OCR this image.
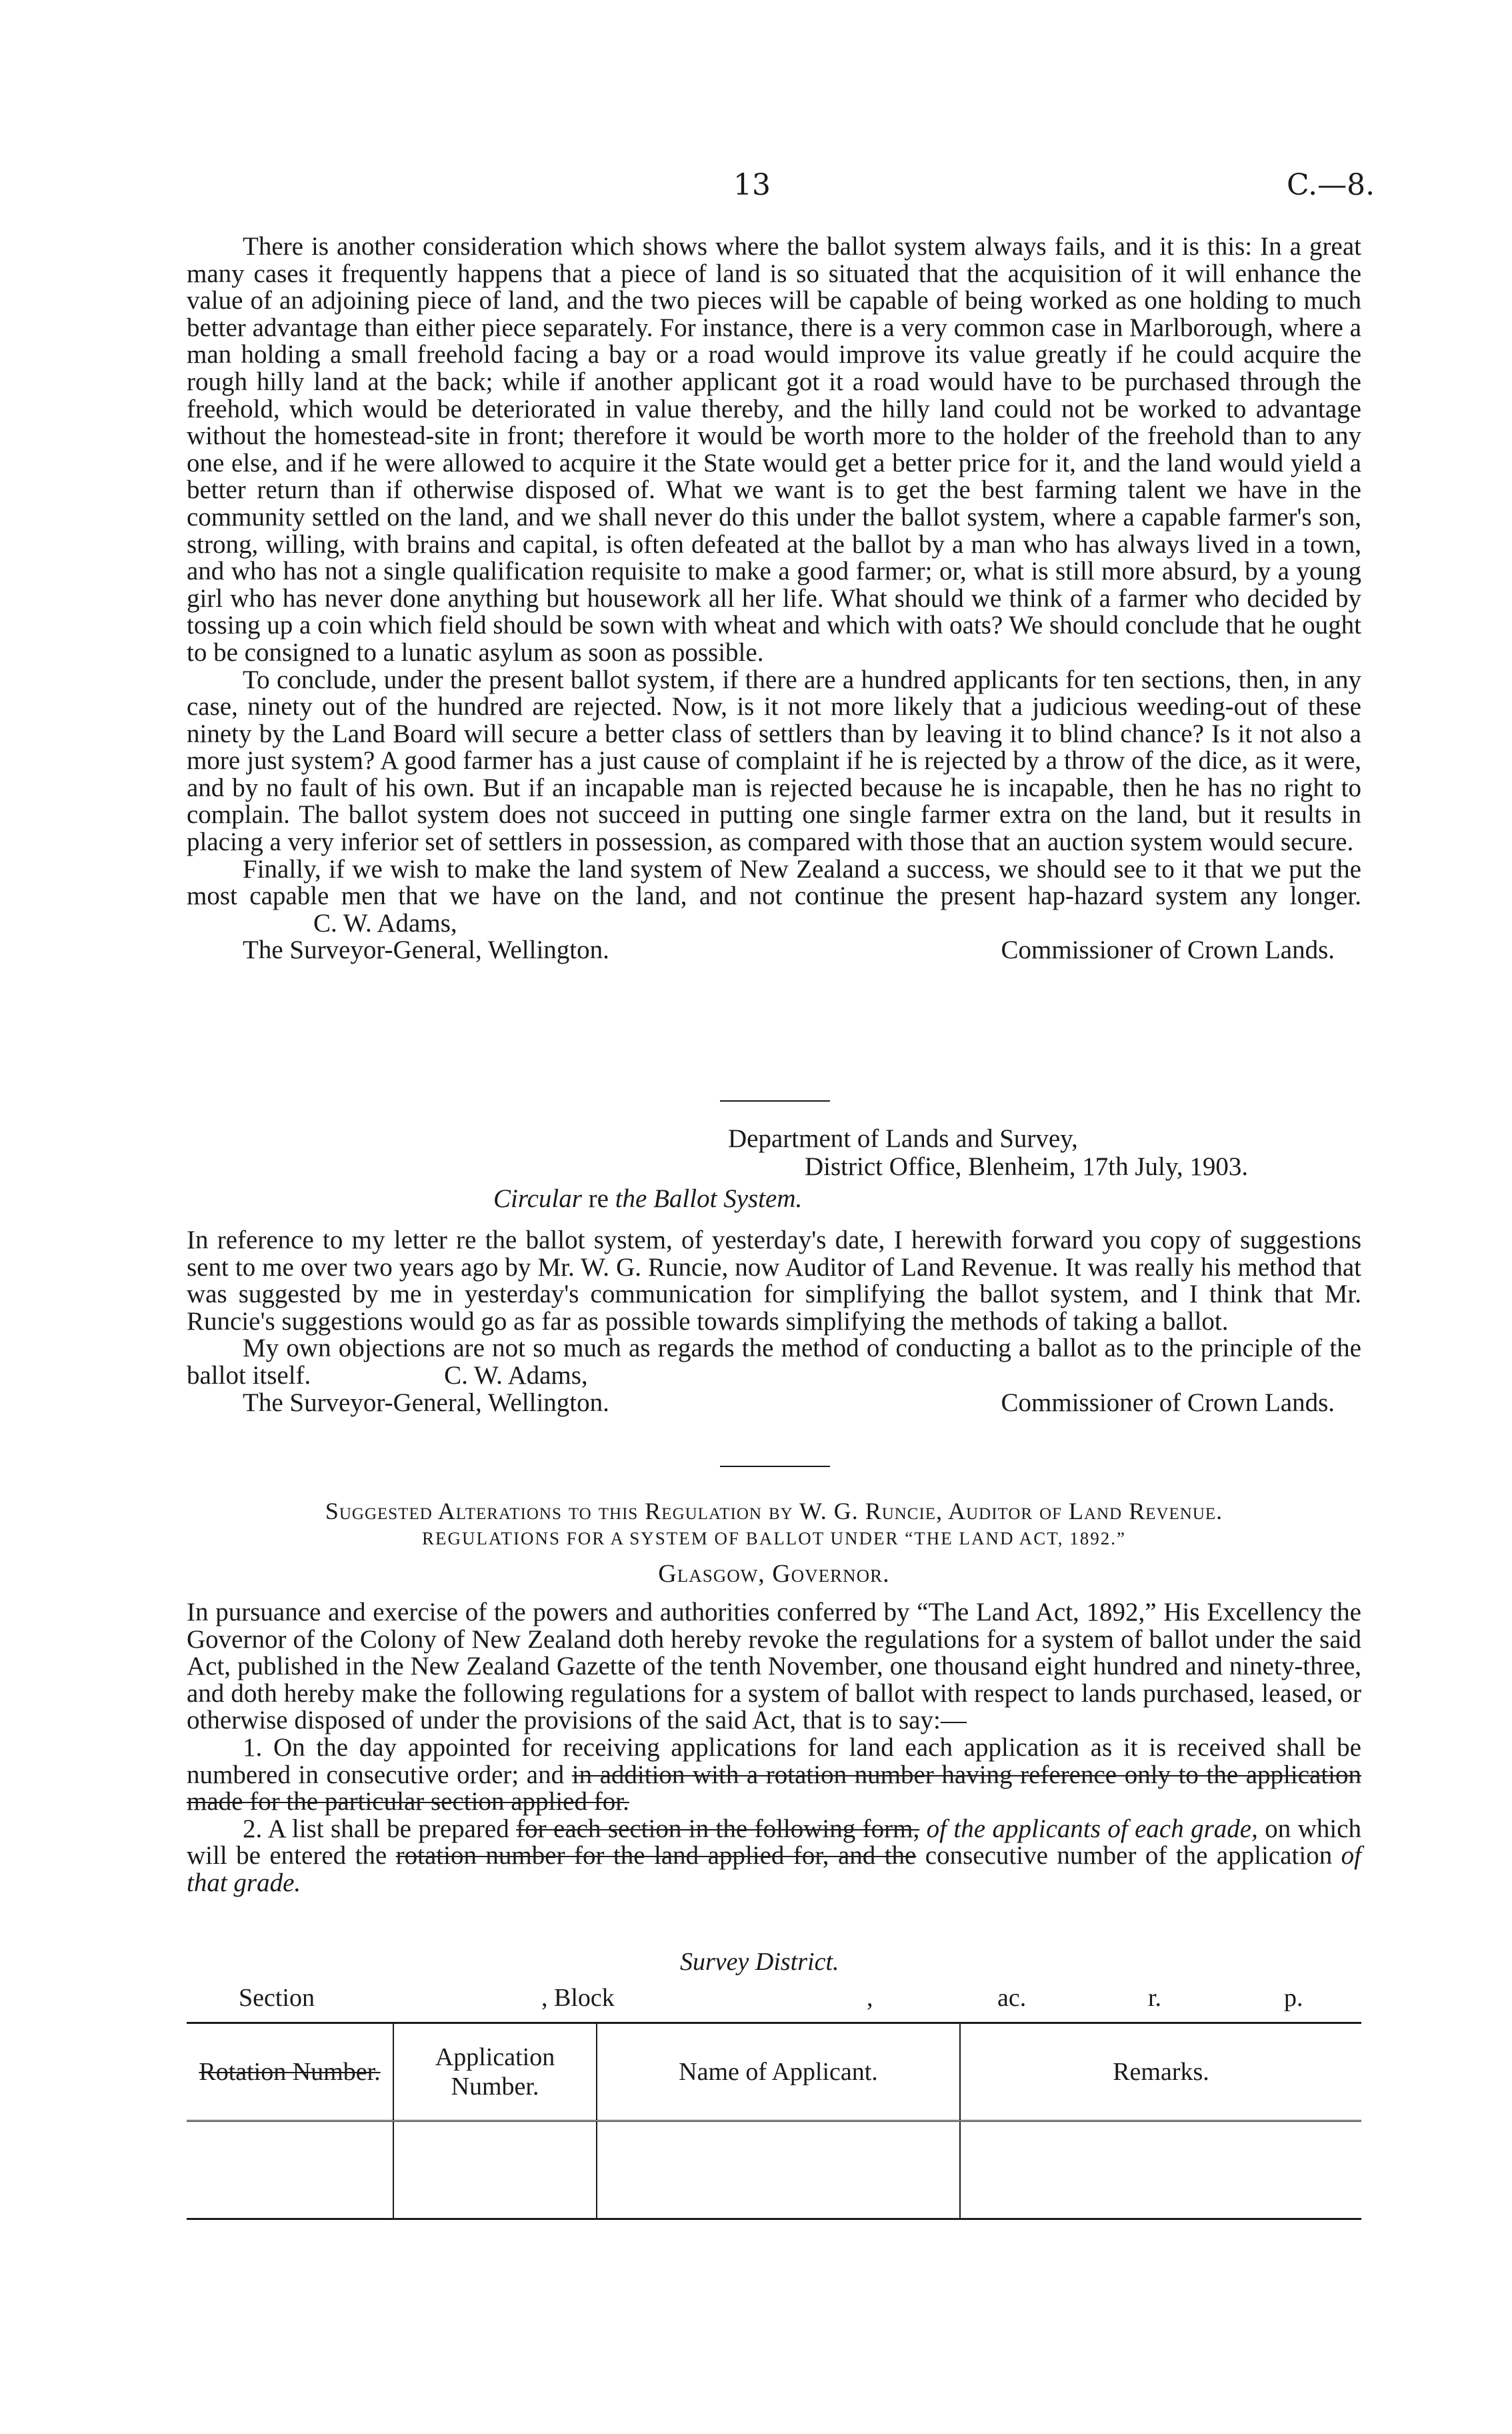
13	C.—8.

There is another consideration which shows where the ballot system always fails, and it is this: In a great many cases it frequently happens that a piece of land is so situated that the acquisition of it will enhance the value of an adjoining piece of land, and the two pieces will be capable of being worked as one holding to much better advantage than either piece separately. For instance, there is a very common case in Marlborough, where a man holding a small freehold facing a bay or a road would improve its value greatly if he could acquire the rough hilly land at the back; while if another applicant got it a road would have to be purchased through the freehold, which would be deteriorated in value thereby, and the hilly land could not be worked to advantage without the homestead-site in front; therefore it would be worth more to the holder of the freehold than to any one else, and if he were allowed to acquire it the State would get a better price for it, and the land would yield a better return than if otherwise disposed of. What we want is to get the best farming talent we have in the community settled on the land, and we shall never do this under the ballot system, where a capable farmer's son, strong, willing, with brains and capital, is often defeated at the ballot by a man who has always lived in a town, and who has not a single qualification requisite to make a good farmer; or, what is still more absurd, by a young girl who has never done anything but housework all her life. What should we think of a farmer who decided by tossing up a coin which field should be sown with wheat and which with oats? We should conclude that he ought to be consigned to a lunatic asylum as soon as possible.

To conclude, under the present ballot system, if there are a hundred applicants for ten sections, then, in any case, ninety out of the hundred are rejected. Now, is it not more likely that a judicious weeding-out of these ninety by the Land Board will secure a better class of settlers than by leaving it to blind chance? Is it not also a more just system? A good farmer has a just cause of complaint if he is rejected by a throw of the dice, as it were, and by no fault of his own. But if an incapable man is rejected because he is incapable, then he has no right to complain. The ballot system does not succeed in putting one single farmer extra on the land, but it results in placing a very inferior set of settlers in possession, as compared with those that an auction system would secure.

Finally, if we wish to make the land system of New Zealand a success, we should see to it that we put the most capable men that we have on the land, and not continue the present hap-hazard system any longer. C. W. Adams,

The Surveyor-General, Wellington.	Commissioner of Crown Lands.
Department of Lands and Survey,
District Office, Blenheim, 17th July, 1903.
Circular re the Ballot System.

In reference to my letter re the ballot system, of yesterday's date, I herewith forward you copy of suggestions sent to me over two years ago by Mr. W. G. Runcie, now Auditor of Land Revenue. It was really his method that was suggested by me in yesterday's communication for simplifying the ballot system, and I think that Mr. Runcie's suggestions would go as far as possible towards simplifying the methods of taking a ballot.

My own objections are not so much as regards the method of conducting a ballot as to the principle of the ballot itself.	C. W. Adams,

The Surveyor-General, Wellington.	Commissioner of Crown Lands.
Suggested Alterations to this Regulation by W. G. Runcie, Auditor of Land Revenue.
REGULATIONS FOR A SYSTEM OF BALLOT UNDER “THE LAND ACT, 1892.”
Glasgow, Governor.

In pursuance and exercise of the powers and authorities conferred by “The Land Act, 1892,” His Excellency the Governor of the Colony of New Zealand doth hereby revoke the regulations for a system of ballot under the said Act, published in the New Zealand Gazette of the tenth November, one thousand eight hundred and ninety-three, and doth hereby make the following regulations for a system of ballot with respect to lands purchased, leased, or otherwise disposed of under the provisions of the said Act, that is to say:—

1. On the day appointed for receiving applications for land each application as it is received shall be numbered in consecutive order; and in addition with a rotation number having reference only to the application made for the particular section applied for.

2. A list shall be prepared for each section in the following form, of the applicants of each grade, on which will be entered the rotation number for the land applied for, and the consecutive number of the application of that grade.

Survey District.
Section	, Block	,	ac.	r.	p.
Rotation Number.	Application Number.	Name of Applicant.	Remarks.
